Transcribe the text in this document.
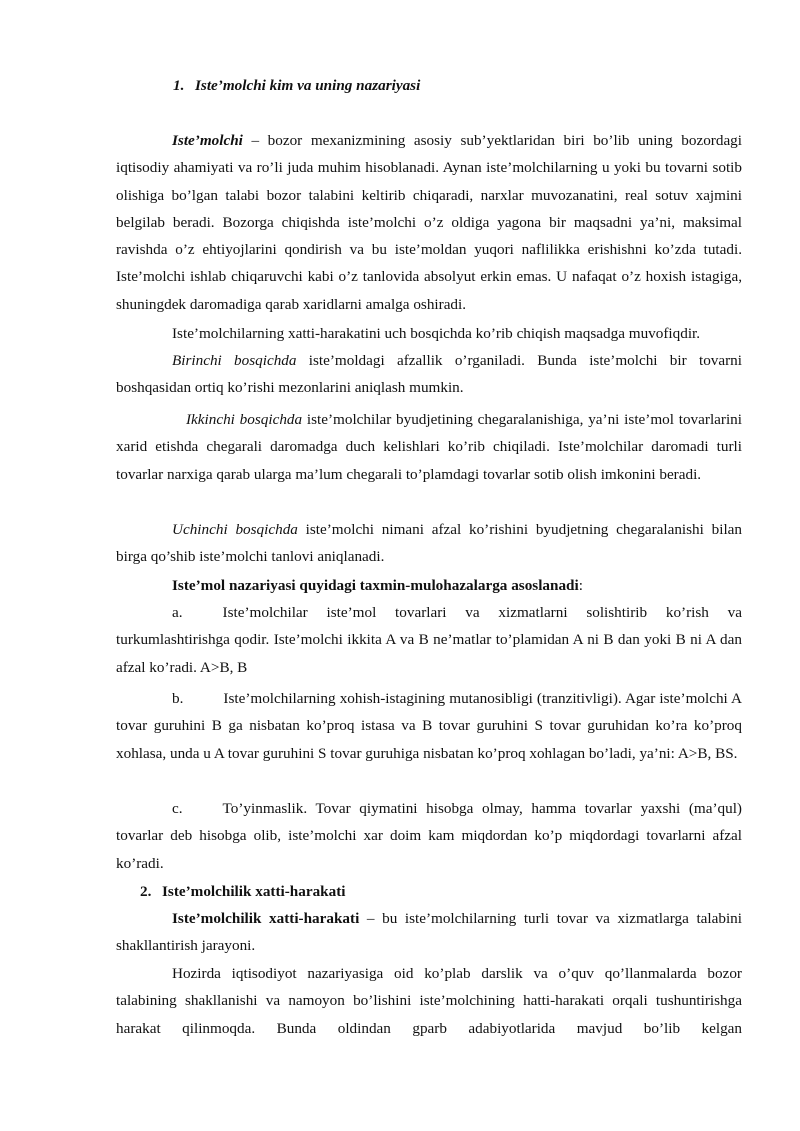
1. Iste’molchi kim va uning nazariyasi

Iste’molchi – bozor mexanizmining asosiy sub’yektlaridan biri bo’lib uning bozordagi iqtisodiy ahamiyati va ro’li juda muhim hisoblanadi. Aynan iste’molchilarning u yoki bu tovarni sotib olishiga bo’lgan talabi bozor talabini keltirib chiqaradi, narxlar muvozanatini, real sotuv xajmini belgilab beradi. Bozorga chiqishda iste’molchi o’z oldiga yagona bir maqsadni ya’ni, maksimal ravishda o’z ehtiyojlarini qondirish va bu iste’moldan yuqori naflilikka erishishni ko’zda tutadi. Iste’molchi ishlab chiqaruvchi kabi o’z tanlovida absolyut erkin emas. U nafaqat o’z hoxish istagiga, shuningdek daromadiga qarab xaridlarni amalga oshiradi.

Iste’molchilarning xatti-harakatini uch bosqichda ko’rib chiqish maqsadga muvofiqdir.

Birinchi bosqichda iste’moldagi afzallik o’rganiladi. Bunda iste’molchi bir tovarni boshqasidan ortiq ko’rishi mezonlarini aniqlash mumkin.

Ikkinchi bosqichda iste’molchilar byudjetining chegaralanishiga, ya’ni iste’mol tovarlarini xarid etishda chegarali daromadga duch kelishlari ko’rib chiqiladi. Iste’molchilar daromadi turli tovarlar narxiga qarab ularga ma’lum chegarali to’plamdagi tovarlar sotib olish imkonini beradi.

Uchinchi bosqichda iste’molchi nimani afzal ko’rishini byudjetning chegaralanishi bilan birga qo’shib iste’molchi tanlovi aniqlanadi.

Iste’mol nazariyasi quyidagi taxmin-mulohazalarga asoslanadi:

a.	Iste’molchilar iste’mol tovarlari va xizmatlarni solishtirib ko’rish va turkumlashtirishga qodir. Iste’molchi ikkita A va B ne’matlar to’plamidan A ni B dan yoki B ni A dan afzal ko’radi. A>B, B

b.	Iste’molchilarning xohish-istagining mutanosibligi (tranzitivligi). Agar iste’molchi A tovar guruhini B ga nisbatan ko’proq istasa va B tovar guruhini S tovar guruhidan ko’ra ko’proq xohlasa, unda u A tovar guruhini S tovar guruhiga nisbatan ko’proq xohlagan bo’ladi, ya’ni: A>B, BS.

c.	To’yinmaslik. Tovar qiymatini hisobga olmay, hamma tovarlar yaxshi (ma’qul) tovarlar deb hisobga olib, iste’molchi xar doim kam miqdordan ko’p miqdordagi tovarlarni afzal ko’radi.

2. Iste’molchilik xatti-harakati

Iste’molchilik xatti-harakati – bu iste’molchilarning turli tovar va xizmatlarga talabini shakllantirish jarayoni.

Hozirda iqtisodiyot nazariyasiga oid ko’plab darslik va o’quv qo’llanmalarda bozor talabining shakllanishi va namoyon bo’lishini iste’molchining hatti-harakati orqali tushuntirishga harakat qilinmoqda. Bunda oldindan gparb adabiyotlarida mavjud bo’lib kelgan
